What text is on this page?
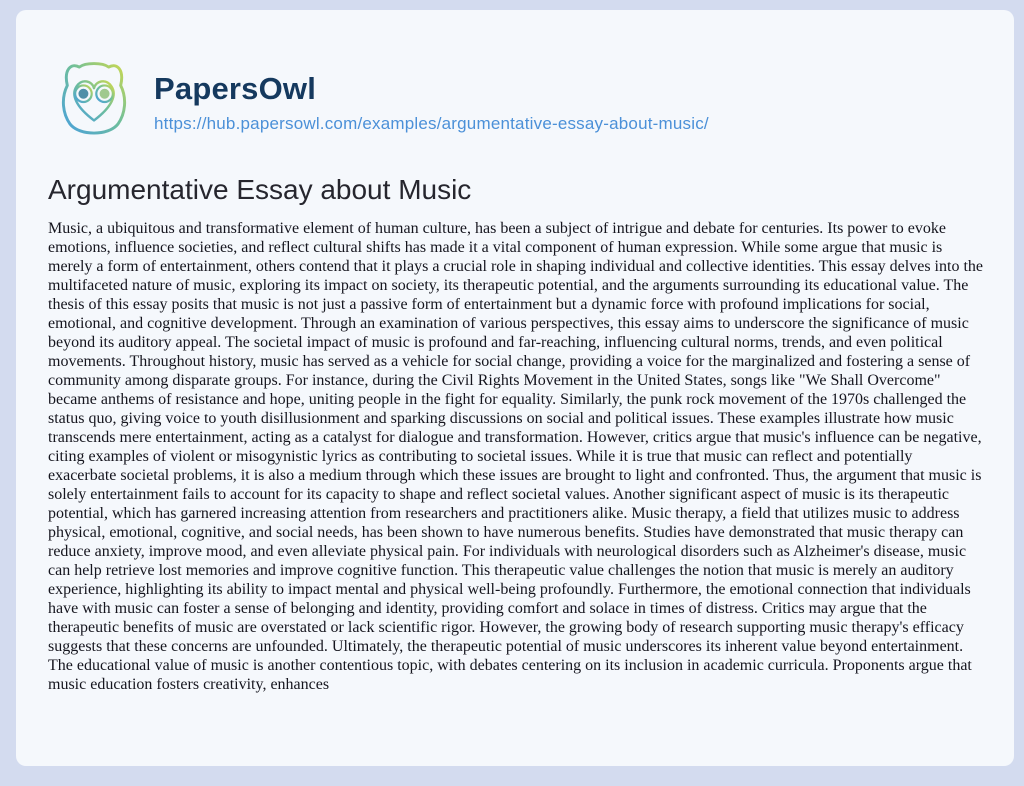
PapersOwl
https://hub.papersowl.com/examples/argumentative-essay-about-music/
Argumentative Essay about Music

Music, a ubiquitous and transformative element of human culture, has been a subject of intrigue and debate for centuries. Its power to evoke emotions, influence societies, and reflect cultural shifts has made it a vital component of human expression. While some argue that music is merely a form of entertainment, others contend that it plays a crucial role in shaping individual and collective identities. This essay delves into the multifaceted nature of music, exploring its impact on society, its therapeutic potential, and the arguments surrounding its educational value. The thesis of this essay posits that music is not just a passive form of entertainment but a dynamic force with profound implications for social, emotional, and cognitive development. Through an examination of various perspectives, this essay aims to underscore the significance of music beyond its auditory appeal. The societal impact of music is profound and far-reaching, influencing cultural norms, trends, and even political movements. Throughout history, music has served as a vehicle for social change, providing a voice for the marginalized and fostering a sense of community among disparate groups. For instance, during the Civil Rights Movement in the United States, songs like "We Shall Overcome" became anthems of resistance and hope, uniting people in the fight for equality. Similarly, the punk rock movement of the 1970s challenged the status quo, giving voice to youth disillusionment and sparking discussions on social and political issues. These examples illustrate how music transcends mere entertainment, acting as a catalyst for dialogue and transformation. However, critics argue that music's influence can be negative, citing examples of violent or misogynistic lyrics as contributing to societal issues. While it is true that music can reflect and potentially exacerbate societal problems, it is also a medium through which these issues are brought to light and confronted. Thus, the argument that music is solely entertainment fails to account for its capacity to shape and reflect societal values. Another significant aspect of music is its therapeutic potential, which has garnered increasing attention from researchers and practitioners alike. Music therapy, a field that utilizes music to address physical, emotional, cognitive, and social needs, has been shown to have numerous benefits. Studies have demonstrated that music therapy can reduce anxiety, improve mood, and even alleviate physical pain. For individuals with neurological disorders such as Alzheimer's disease, music can help retrieve lost memories and improve cognitive function. This therapeutic value challenges the notion that music is merely an auditory experience, highlighting its ability to impact mental and physical well-being profoundly. Furthermore, the emotional connection that individuals have with music can foster a sense of belonging and identity, providing comfort and solace in times of distress. Critics may argue that the therapeutic benefits of music are overstated or lack scientific rigor. However, the growing body of research supporting music therapy's efficacy suggests that these concerns are unfounded. Ultimately, the therapeutic potential of music underscores its inherent value beyond entertainment. The educational value of music is another contentious topic, with debates centering on its inclusion in academic curricula. Proponents argue that music education fosters creativity, enhances
